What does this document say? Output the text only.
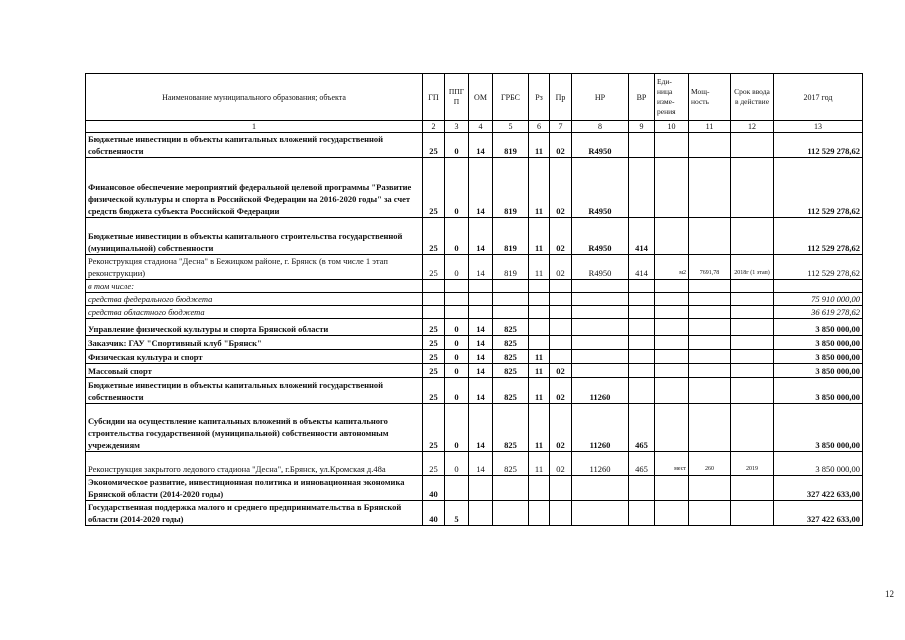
Наименование муниципального образования; объекта	ГП	ППГ П	ОМ	ГРБС	Рз	Пр	НР	ВР	Еди- ница изме- рения	Мощ- ность	Срок ввода в действие	2017 год
1	2	3	4	5	6	7	8	9	10	11	12	13
Бюджетные инвестиции в объекты капитальных вложений государственной собственности	25	0	14	819	11	02	R4950					112 529 278,62
Финансовое обеспечение мероприятий федеральной целевой программы "Развитие физической культуры и спорта в Российской Федерации на 2016-2020 годы" за счет средств бюджета субъекта Российской Федерации	25	0	14	819	11	02	R4950					112 529 278,62
Бюджетные инвестиции в объекты капитального строительства государственной (муниципальной) собственности	25	0	14	819	11	02	R4950	414				112 529 278,62
Реконструкция стадиона "Десна" в Бежицком районе, г. Брянск (в том числе 1 этап реконструкции)	25	0	14	819	11	02	R4950	414	м2	7691,78	2018г (1 этап)	112 529 278,62
в том числе:												
средства федерального бюджета												75 910 000,00
средства областного бюджета												36 619 278,62
Управление физической культуры и спорта Брянской области	25	0	14	825								3 850 000,00
Заказчик: ГАУ "Спортивный клуб "Брянск"	25	0	14	825								3 850 000,00
Физическая культура и спорт	25	0	14	825	11							3 850 000,00
Массовый спорт	25	0	14	825	11	02						3 850 000,00
Бюджетные инвестиции в объекты капитальных вложений государственной собственности	25	0	14	825	11	02	11260					3 850 000,00
Субсидии на осуществление капитальных вложений в объекты капитального строительства государственной (муниципальной) собственности автономным учреждениям	25	0	14	825	11	02	11260	465				3 850 000,00
Реконструкция закрытого ледового стадиона "Десна", г.Брянск, ул.Кромская д.48а	25	0	14	825	11	02	11260	465	мест	260	2019	3 850 000,00
Экономическое развитие, инвестиционная политика и инновационная экономика Брянской области (2014-2020 годы)	40											327 422 633,00
Государственная поддержка малого и среднего предпринимательства в Брянской области (2014-2020 годы)	40	5										327 422 633,00
12
